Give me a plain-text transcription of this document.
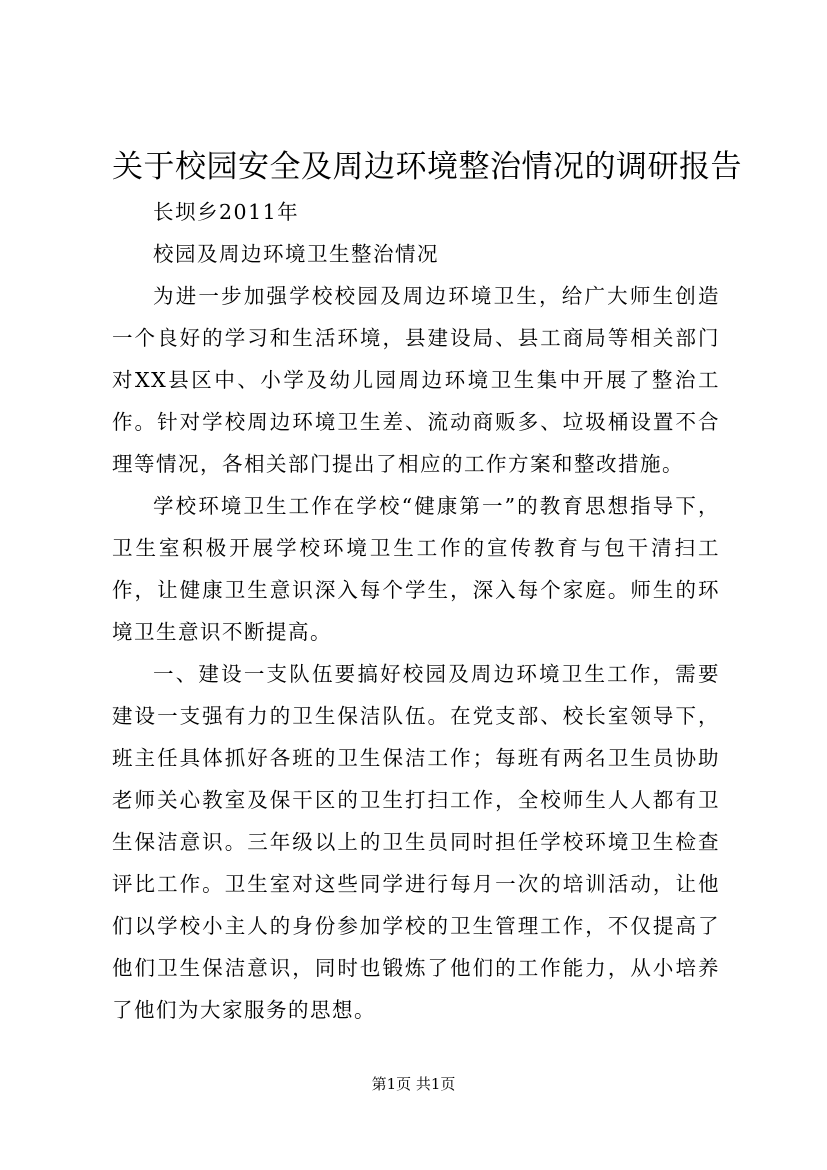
关于校园安全及周边环境整治情况的调研报告

长坝乡2011年

校园及周边环境卫生整治情况

为进一步加强学校校园及周边环境卫生，给广大师生创造一个良好的学习和生活环境，县建设局、县工商局等相关部门对XX县区中、小学及幼儿园周边环境卫生集中开展了整治工作。针对学校周边环境卫生差、流动商贩多、垃圾桶设置不合理等情况，各相关部门提出了相应的工作方案和整改措施。

学校环境卫生工作在学校“健康第一”的教育思想指导下，卫生室积极开展学校环境卫生工作的宣传教育与包干清扫工作，让健康卫生意识深入每个学生，深入每个家庭。师生的环境卫生意识不断提高。

一、建设一支队伍要搞好校园及周边环境卫生工作，需要建设一支强有力的卫生保洁队伍。在党支部、校长室领导下，班主任具体抓好各班的卫生保洁工作；每班有两名卫生员协助老师关心教室及保干区的卫生打扫工作，全校师生人人都有卫生保洁意识。三年级以上的卫生员同时担任学校环境卫生检查评比工作。卫生室对这些同学进行每月一次的培训活动，让他们以学校小主人的身份参加学校的卫生管理工作，不仅提高了他们卫生保洁意识，同时也锻炼了他们的工作能力，从小培养了他们为大家服务的思想。

第1页 共1页
